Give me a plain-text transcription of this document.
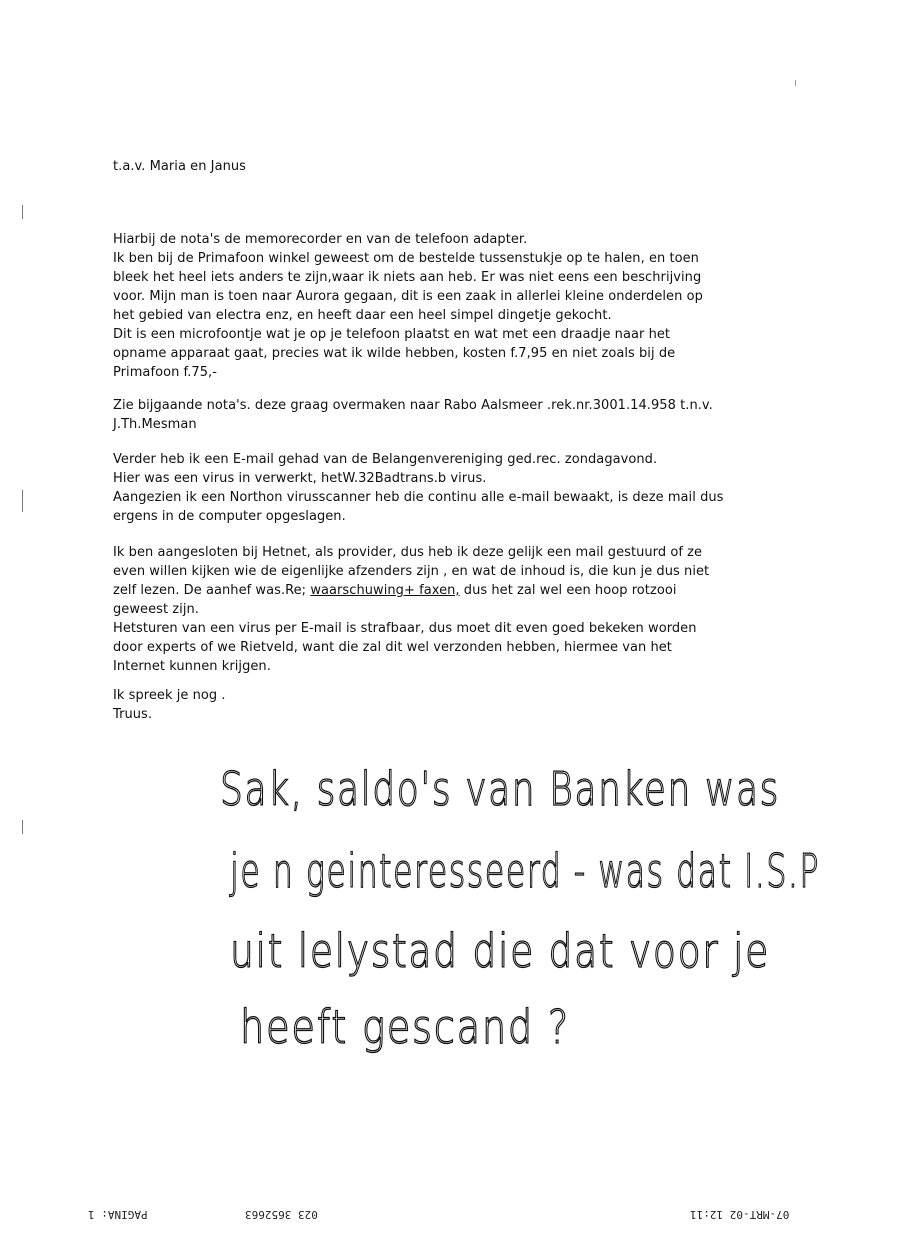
t.a.v. Maria en Janus

Hiarbij de nota's de memorecorder en van de telefoon adapter.

Ik ben bij de Primafoon winkel geweest om de bestelde tussenstukje op te halen, en toen

bleek het heel iets anders te zijn,waar ik niets aan heb. Er was niet eens een beschrijving

voor. Mijn man is toen naar Aurora gegaan, dit is een zaak in allerlei kleine onderdelen op

het gebied van electra enz, en heeft daar een heel simpel dingetje gekocht.

Dit is een microfoontje wat je op je telefoon plaatst en wat met een draadje naar het

opname apparaat gaat, precies wat ik wilde hebben, kosten f.7,95 en niet zoals bij de

Primafoon f.75,-

Zie bijgaande nota's. deze graag overmaken naar Rabo Aalsmeer .rek.nr.3001.14.958 t.n.v.

J.Th.Mesman

Verder heb ik een E-mail gehad van de Belangenvereniging ged.rec. zondagavond.

Hier was een virus in verwerkt, hetW.32Badtrans.b virus.

Aangezien ik een Northon virusscanner heb die continu alle e-mail bewaakt, is deze mail dus

ergens in de computer opgeslagen.

Ik ben aangesloten bij Hetnet, als provider, dus heb ik deze gelijk een mail gestuurd of ze

even willen kijken wie de eigenlijke afzenders zijn , en wat de inhoud is, die kun je dus niet

zelf lezen. De aanhef was.Re; waarschuwing+ faxen, dus het zal wel een hoop rotzooi

geweest zijn.

Hetsturen van een virus per E-mail is strafbaar, dus moet dit even goed bekeken worden

door experts of we Rietveld, want die zal dit wel verzonden hebben, hiermee van het

Internet kunnen krijgen.

Ik spreek je nog .

Truus.

Sak, saldo's van Banken was
je n geinteresseerd - was dat I.S.P
uit lelystad die dat voor je
heeft gescand ?
PAGINA: 1	023 3652663	07-MRT-02 12:11
